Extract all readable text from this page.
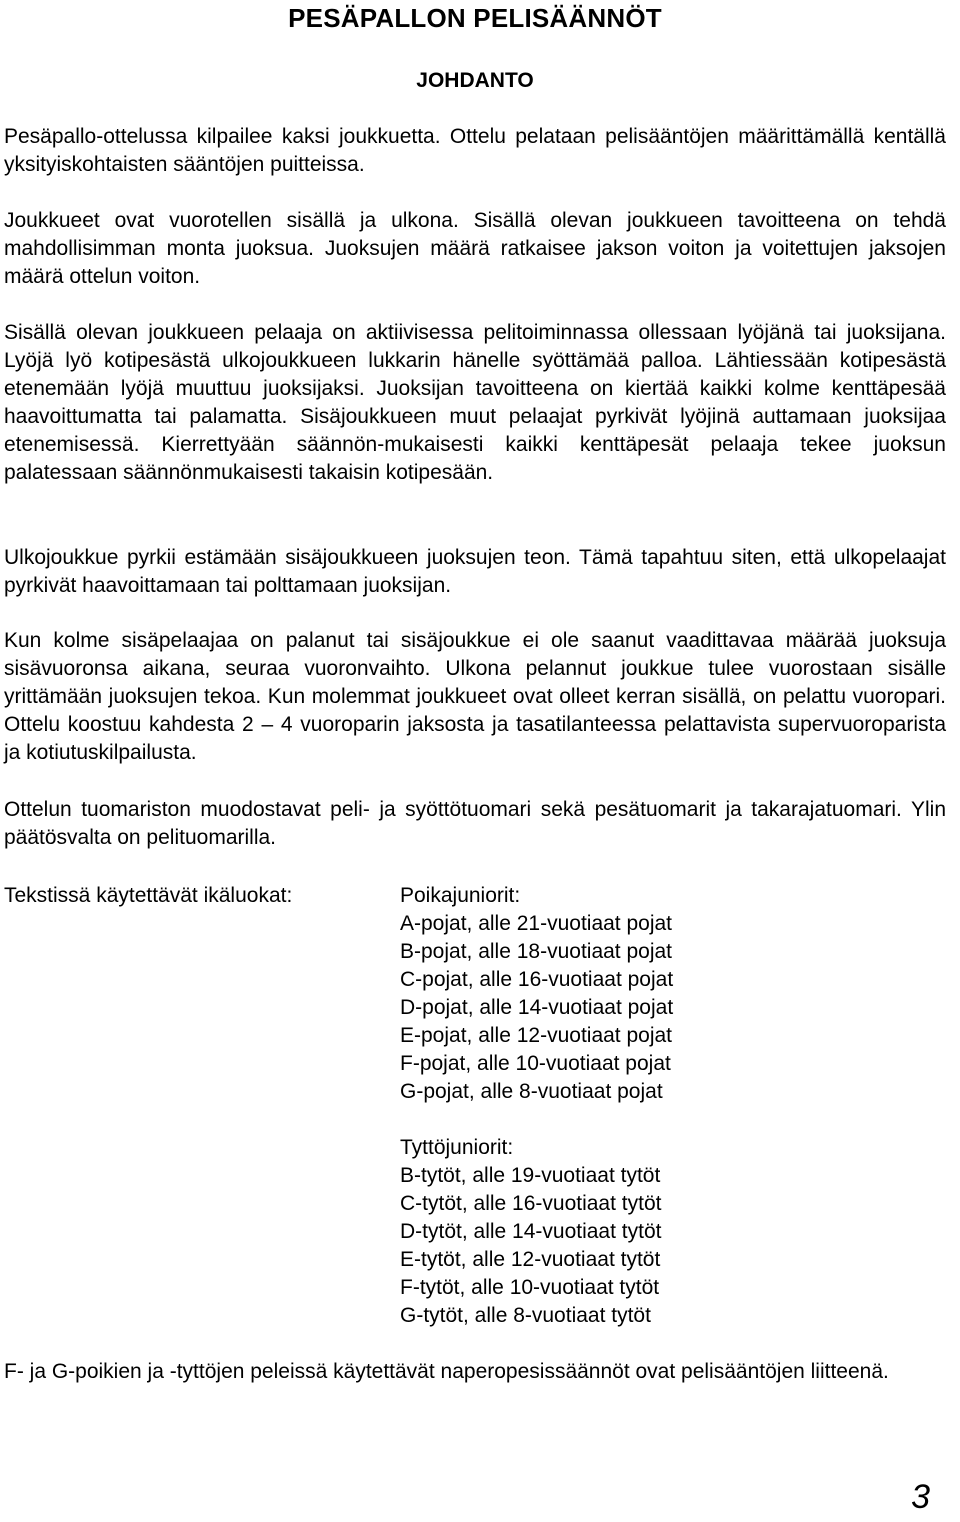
PESÄPALLON PELISÄÄNNÖT
JOHDANTO

Pesäpallo-ottelussa kilpailee kaksi joukkuetta. Ottelu pelataan pelisääntöjen määrittämällä kentällä yksityiskohtaisten sääntöjen puitteissa.

Joukkueet ovat vuorotellen sisällä ja ulkona. Sisällä olevan joukkueen tavoitteena on tehdä mahdollisimman monta juoksua. Juoksujen määrä ratkaisee jakson voiton ja voitettujen jaksojen määrä ottelun voiton.

Sisällä olevan joukkueen pelaaja on aktiivisessa pelitoiminnassa ollessaan lyöjänä tai juoksijana. Lyöjä lyö kotipesästä ulkojoukkueen lukkarin hänelle syöttämää palloa. Lähtiessään kotipesästä etenemään lyöjä muuttuu juoksijaksi. Juoksijan tavoitteena on kiertää kaikki kolme kenttäpesää haavoittumatta tai palamatta. Sisäjoukkueen muut pelaajat pyrkivät lyöjinä auttamaan juoksijaa etenemisessä. Kierrettyään säännön-mukaisesti kaikki kenttäpesät pelaaja tekee juoksun palatessaan säännönmukaisesti takaisin kotipesään.

Ulkojoukkue pyrkii estämään sisäjoukkueen juoksujen teon. Tämä tapahtuu siten, että ulkopelaajat pyrkivät haavoittamaan tai polttamaan juoksijan.

Kun kolme sisäpelaajaa on palanut tai sisäjoukkue ei ole saanut vaadittavaa määrää juoksuja sisävuoronsa aikana, seuraa vuoronvaihto. Ulkona pelannut joukkue tulee vuorostaan sisälle yrittämään juoksujen tekoa. Kun molemmat joukkueet ovat olleet kerran sisällä, on pelattu vuoropari. Ottelu koostuu kahdesta 2 – 4 vuoroparin jaksosta ja tasatilanteessa pelattavista supervuoroparista ja kotiutuskilpailusta.

Ottelun tuomariston muodostavat peli- ja syöttötuomari sekä pesätuomarit ja takarajatuomari. Ylin päätösvalta on pelituomarilla.

Tekstissä käytettävät ikäluokat:	Poikajuniorit:
A-pojat, alle 21-vuotiaat pojat
B-pojat, alle 18-vuotiaat pojat
C-pojat, alle 16-vuotiaat pojat
D-pojat, alle 14-vuotiaat pojat
E-pojat, alle 12-vuotiaat pojat
F-pojat, alle 10-vuotiaat pojat
G-pojat, alle 8-vuotiaat pojat
Tyttöjuniorit:
B-tytöt, alle 19-vuotiaat tytöt
C-tytöt, alle 16-vuotiaat tytöt
D-tytöt, alle 14-vuotiaat tytöt
E-tytöt, alle 12-vuotiaat tytöt
F-tytöt, alle 10-vuotiaat tytöt
G-tytöt, alle 8-vuotiaat tytöt

F- ja G-poikien ja -tyttöjen peleissä käytettävät naperopesissäännöt ovat pelisääntöjen liitteenä.

3
